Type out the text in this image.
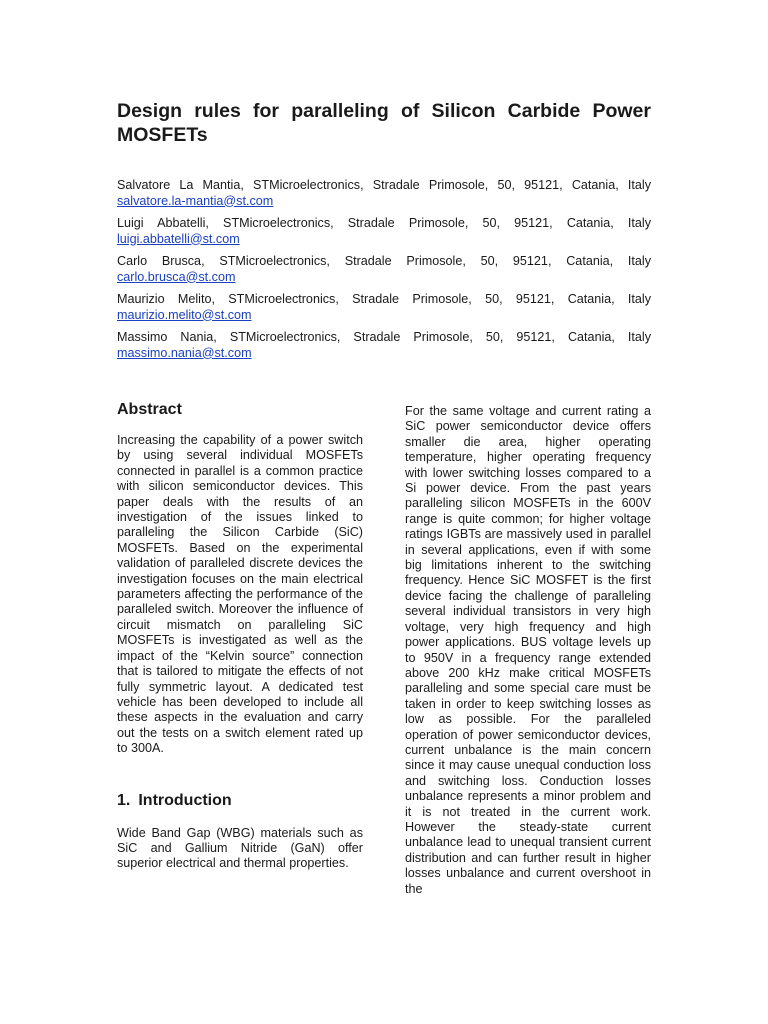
Design rules for paralleling of Silicon Carbide Power MOSFETs
Salvatore La Mantia, STMicroelectronics, Stradale Primosole, 50, 95121, Catania, Italy
salvatore.la-mantia@st.com
Luigi Abbatelli, STMicroelectronics, Stradale Primosole, 50, 95121, Catania, Italy
luigi.abbatelli@st.com
Carlo Brusca, STMicroelectronics, Stradale Primosole, 50, 95121, Catania, Italy
carlo.brusca@st.com
Maurizio Melito, STMicroelectronics, Stradale Primosole, 50, 95121, Catania, Italy
maurizio.melito@st.com
Massimo Nania, STMicroelectronics, Stradale Primosole, 50, 95121, Catania, Italy
massimo.nania@st.com
Abstract

Increasing the capability of a power switch by using several individual MOSFETs connected in parallel is a common practice with silicon semiconductor devices. This paper deals with the results of an investigation of the issues linked to paralleling the Silicon Carbide (SiC) MOSFETs. Based on the experimental validation of paralleled discrete devices the investigation focuses on the main electrical parameters affecting the performance of the paralleled switch. Moreover the influence of circuit mismatch on paralleling SiC MOSFETs is investigated as well as the impact of the “Kelvin source” connection that is tailored to mitigate the effects of not fully symmetric layout. A dedicated test vehicle has been developed to include all these aspects in the evaluation and carry out the tests on a switch element rated up to 300A.

1. Introduction

Wide Band Gap (WBG) materials such as SiC and Gallium Nitride (GaN) offer superior electrical and thermal properties.

For the same voltage and current rating a SiC power semiconductor device offers smaller die area, higher operating temperature, higher operating frequency with lower switching losses compared to a Si power device. From the past years paralleling silicon MOSFETs in the 600V range is quite common; for higher voltage ratings IGBTs are massively used in parallel in several applications, even if with some big limitations inherent to the switching frequency. Hence SiC MOSFET is the first device facing the challenge of paralleling several individual transistors in very high voltage, very high frequency and high power applications. BUS voltage levels up to 950V in a frequency range extended above 200 kHz make critical MOSFETs paralleling and some special care must be taken in order to keep switching losses as low as possible. For the paralleled operation of power semiconductor devices, current unbalance is the main concern since it may cause unequal conduction loss and switching loss. Conduction losses unbalance represents a minor problem and it is not treated in the current work. However the steady-state current unbalance lead to unequal transient current distribution and can further result in higher losses unbalance and current overshoot in the
